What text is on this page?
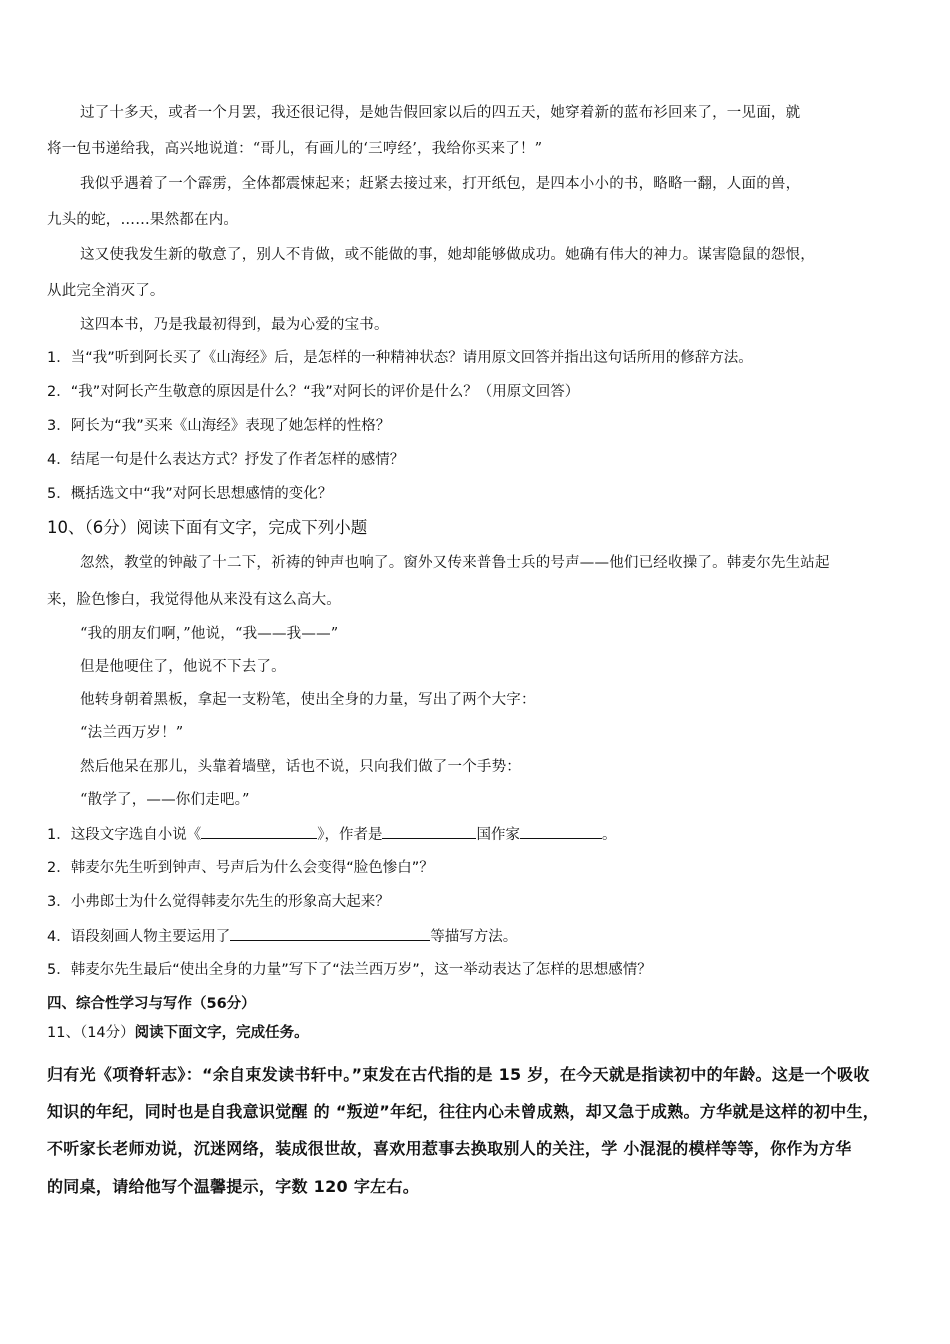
过了十多天，或者一个月罢，我还很记得，是她告假回家以后的四五天，她穿着新的蓝布衫回来了，一见面，就
将一包书递给我，高兴地说道：“哥儿，有画儿的‘三哼经’，我给你买来了！”
我似乎遇着了一个霹雳，全体都震悚起来；赶紧去接过来，打开纸包，是四本小小的书，略略一翻，人面的兽，
九头的蛇，……果然都在内。
这又使我发生新的敬意了，别人不肯做，或不能做的事，她却能够做成功。她确有伟大的神力。谋害隐鼠的怨恨，
从此完全消灭了。
这四本书，乃是我最初得到，最为心爱的宝书。
1．当“我”听到阿长买了《山海经》后，是怎样的一种精神状态？请用原文回答并指出这句话所用的修辞方法。
2．“我”对阿长产生敬意的原因是什么？“我”对阿长的评价是什么？（用原文回答）
3．阿长为“我”买来《山海经》表现了她怎样的性格？
4．结尾一句是什么表达方式？抒发了作者怎样的感情？
5．概括选文中“我”对阿长思想感情的变化？
10、（6分）阅读下面有文字，完成下列小题
忽然，教堂的钟敲了十二下，祈祷的钟声也响了。窗外又传来普鲁士兵的号声——他们已经收操了。韩麦尔先生站起
来，脸色惨白，我觉得他从来没有这么高大。
“我的朋友们啊，”他说，“我——我——”
但是他哽住了，他说不下去了。
他转身朝着黑板，拿起一支粉笔，使出全身的力量，写出了两个大字：
“法兰西万岁！”
然后他呆在那儿，头靠着墙壁，话也不说，只向我们做了一个手势：
“散学了，——你们走吧。”
1．这段文字选自小说《	》，作者是	国作家	。
2．韩麦尔先生听到钟声、号声后为什么会变得“脸色惨白”？
3．小弗郎士为什么觉得韩麦尔先生的形象高大起来？
4．语段刻画人物主要运用了	等描写方法。
5．韩麦尔先生最后“使出全身的力量”写下了“法兰西万岁”，这一举动表达了怎样的思想感情？
四、综合性学习与写作（56分）
11、（14分）阅读下面文字，完成任务。
归有光《项脊轩志》：“余自束发读书轩中。”束发在古代指的是 15 岁，在今天就是指读初中的年龄。这是一个吸收
知识的年纪，同时也是自我意识觉醒 的 “叛逆”年纪，往往内心未曾成熟，却又急于成熟。方华就是这样的初中生，
不听家长老师劝说，沉迷网络，装成很世故，喜欢用惹事去换取别人的关注，学 小混混的模样等等，你作为方华
的同桌，请给他写个温馨提示，字数 120 字左右。
